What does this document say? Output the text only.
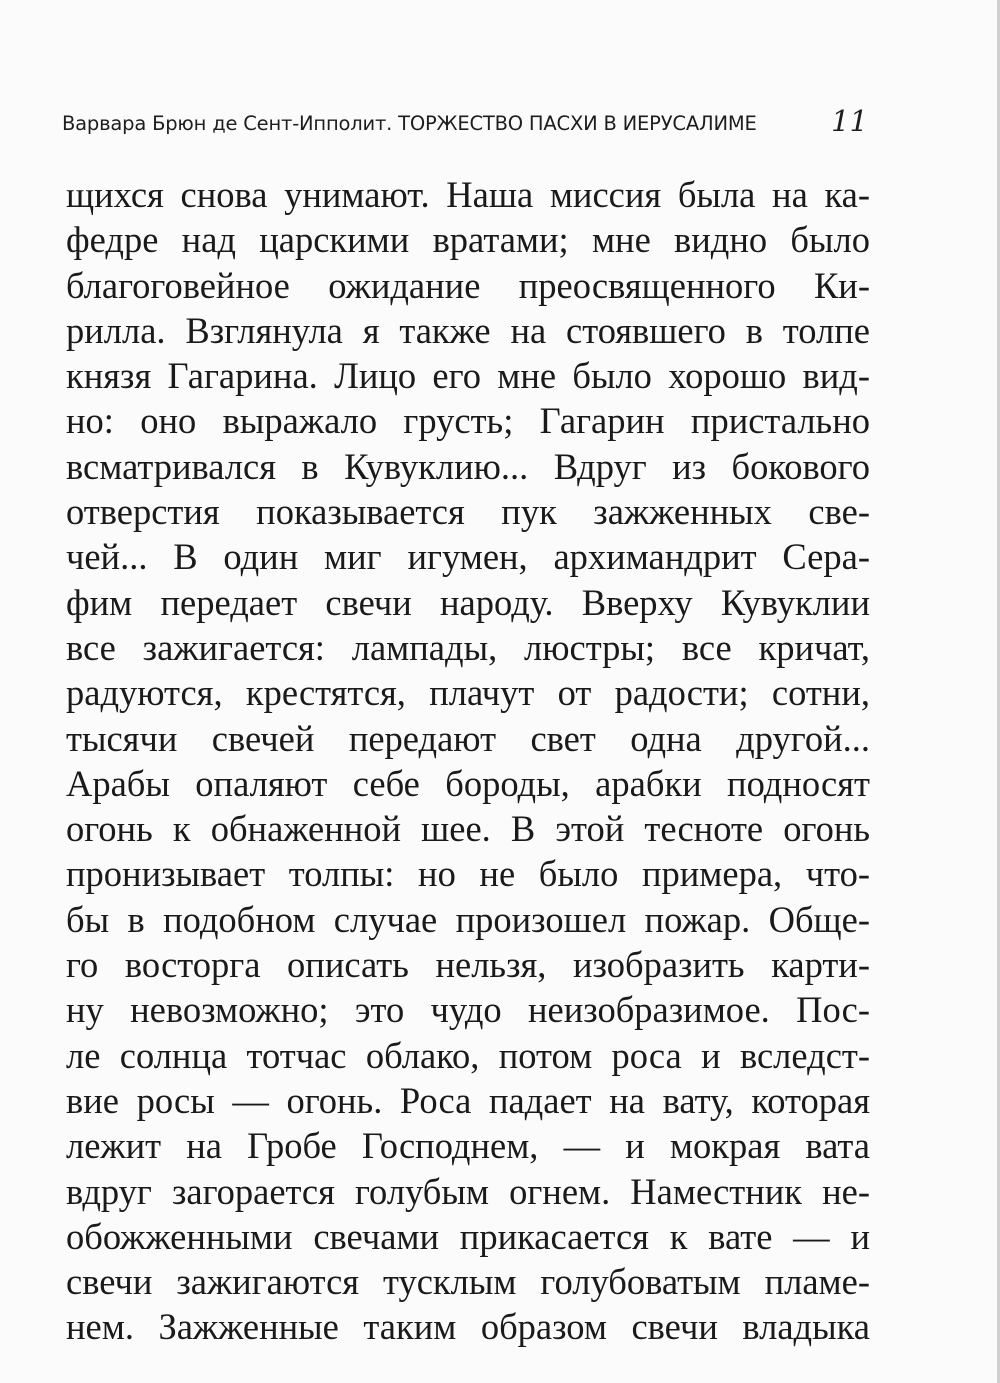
Варвара Брюн де Сент-Ипполит. ТОРЖЕСТВО ПАСХИ В ИЕРУСАЛИМЕ	11
щихся снова унимают. Наша миссия была на ка-
федре над царскими вратами; мне видно было
благоговейное ожидание преосвященного Ки-
рилла. Взглянула я также на стоявшего в толпе
князя Гагарина. Лицо его мне было хорошо вид-
но: оно выражало грусть; Гагарин пристально
всматривался в Кувуклию... Вдруг из бокового
отверстия показывается пук зажженных све-
чей... В один миг игумен, архимандрит Сера-
фим передает свечи народу. Вверху Кувуклии
все зажигается: лампады, люстры; все кричат,
радуются, крестятся, плачут от радости; сотни,
тысячи свечей передают свет одна другой...
Арабы опаляют себе бороды, арабки подносят
огонь к обнаженной шее. В этой тесноте огонь
пронизывает толпы: но не было примера, что-
бы в подобном случае произошел пожар. Обще-
го восторга описать нельзя, изобразить карти-
ну невозможно; это чудо неизобразимое. Пос-
ле солнца тотчас облако, потом роса и вследст-
вие росы — огонь. Роса падает на вату, которая
лежит на Гробе Господнем, — и мокрая вата
вдруг загорается голубым огнем. Наместник не-
обожженными свечами прикасается к вате — и
свечи зажигаются тусклым голубоватым пламе-
нем. Зажженные таким образом свечи владыка
